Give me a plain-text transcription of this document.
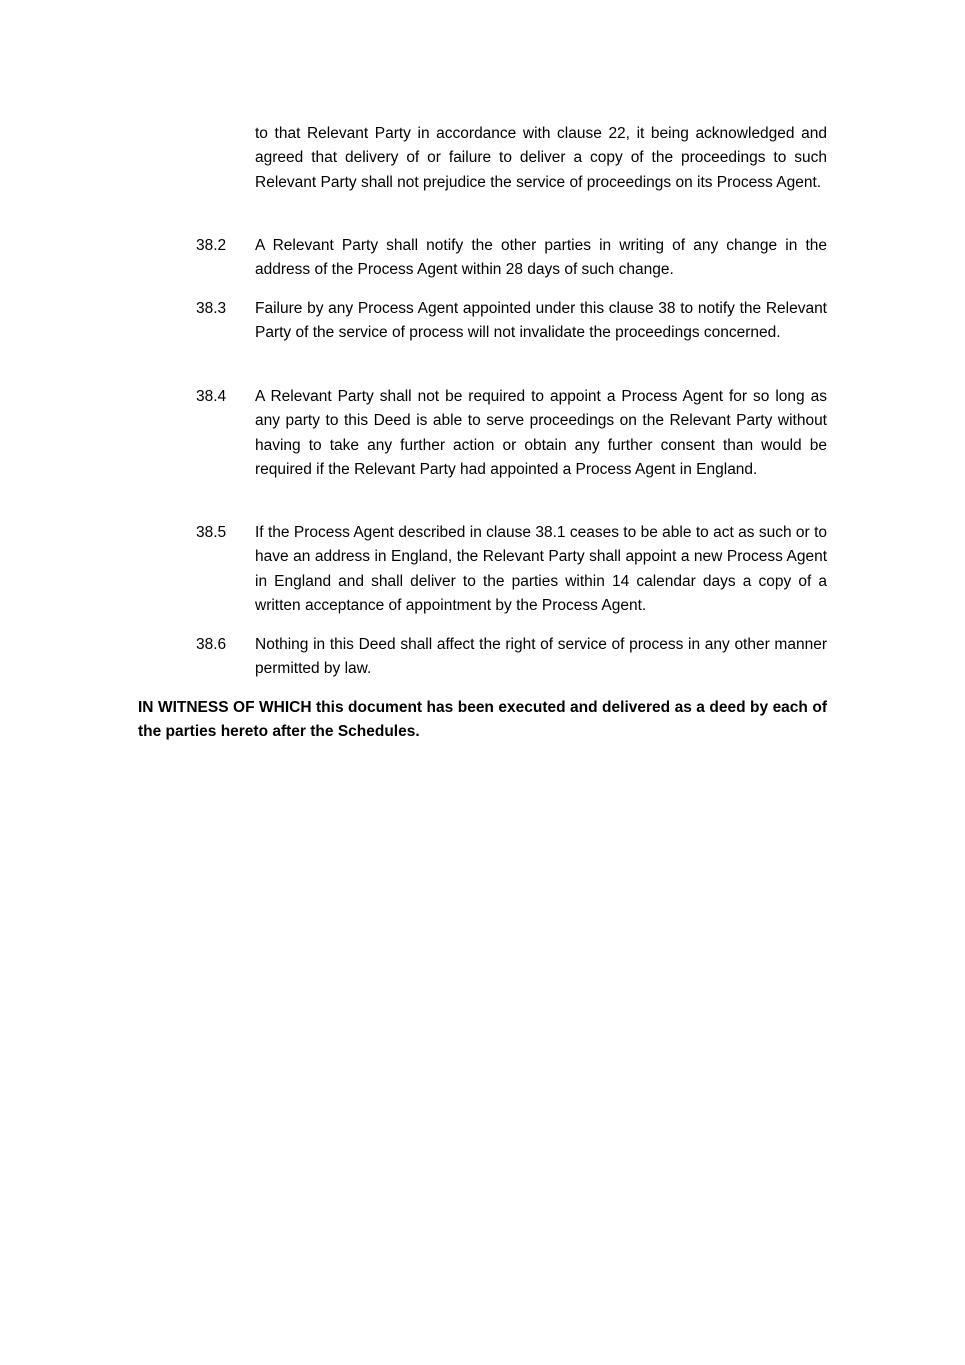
to that Relevant Party in accordance with clause 22, it being acknowledged and agreed that delivery of or failure to deliver a copy of the proceedings to such Relevant Party shall not prejudice the service of proceedings on its Process Agent.

38.2	A Relevant Party shall notify the other parties in writing of any change in the address of the Process Agent within 28 days of such change.

38.3	Failure by any Process Agent appointed under this clause 38 to notify the Relevant Party of the service of process will not invalidate the proceedings concerned.

38.4	A Relevant Party shall not be required to appoint a Process Agent for so long as any party to this Deed is able to serve proceedings on the Relevant Party without having to take any further action or obtain any further consent than would be required if the Relevant Party had appointed a Process Agent in England.

38.5	If the Process Agent described in clause 38.1 ceases to be able to act as such or to have an address in England, the Relevant Party shall appoint a new Process Agent in England and shall deliver to the parties within 14 calendar days a copy of a written acceptance of appointment by the Process Agent.

38.6	Nothing in this Deed shall affect the right of service of process in any other manner permitted by law.

IN WITNESS OF WHICH this document has been executed and delivered as a deed by each of the parties hereto after the Schedules.
